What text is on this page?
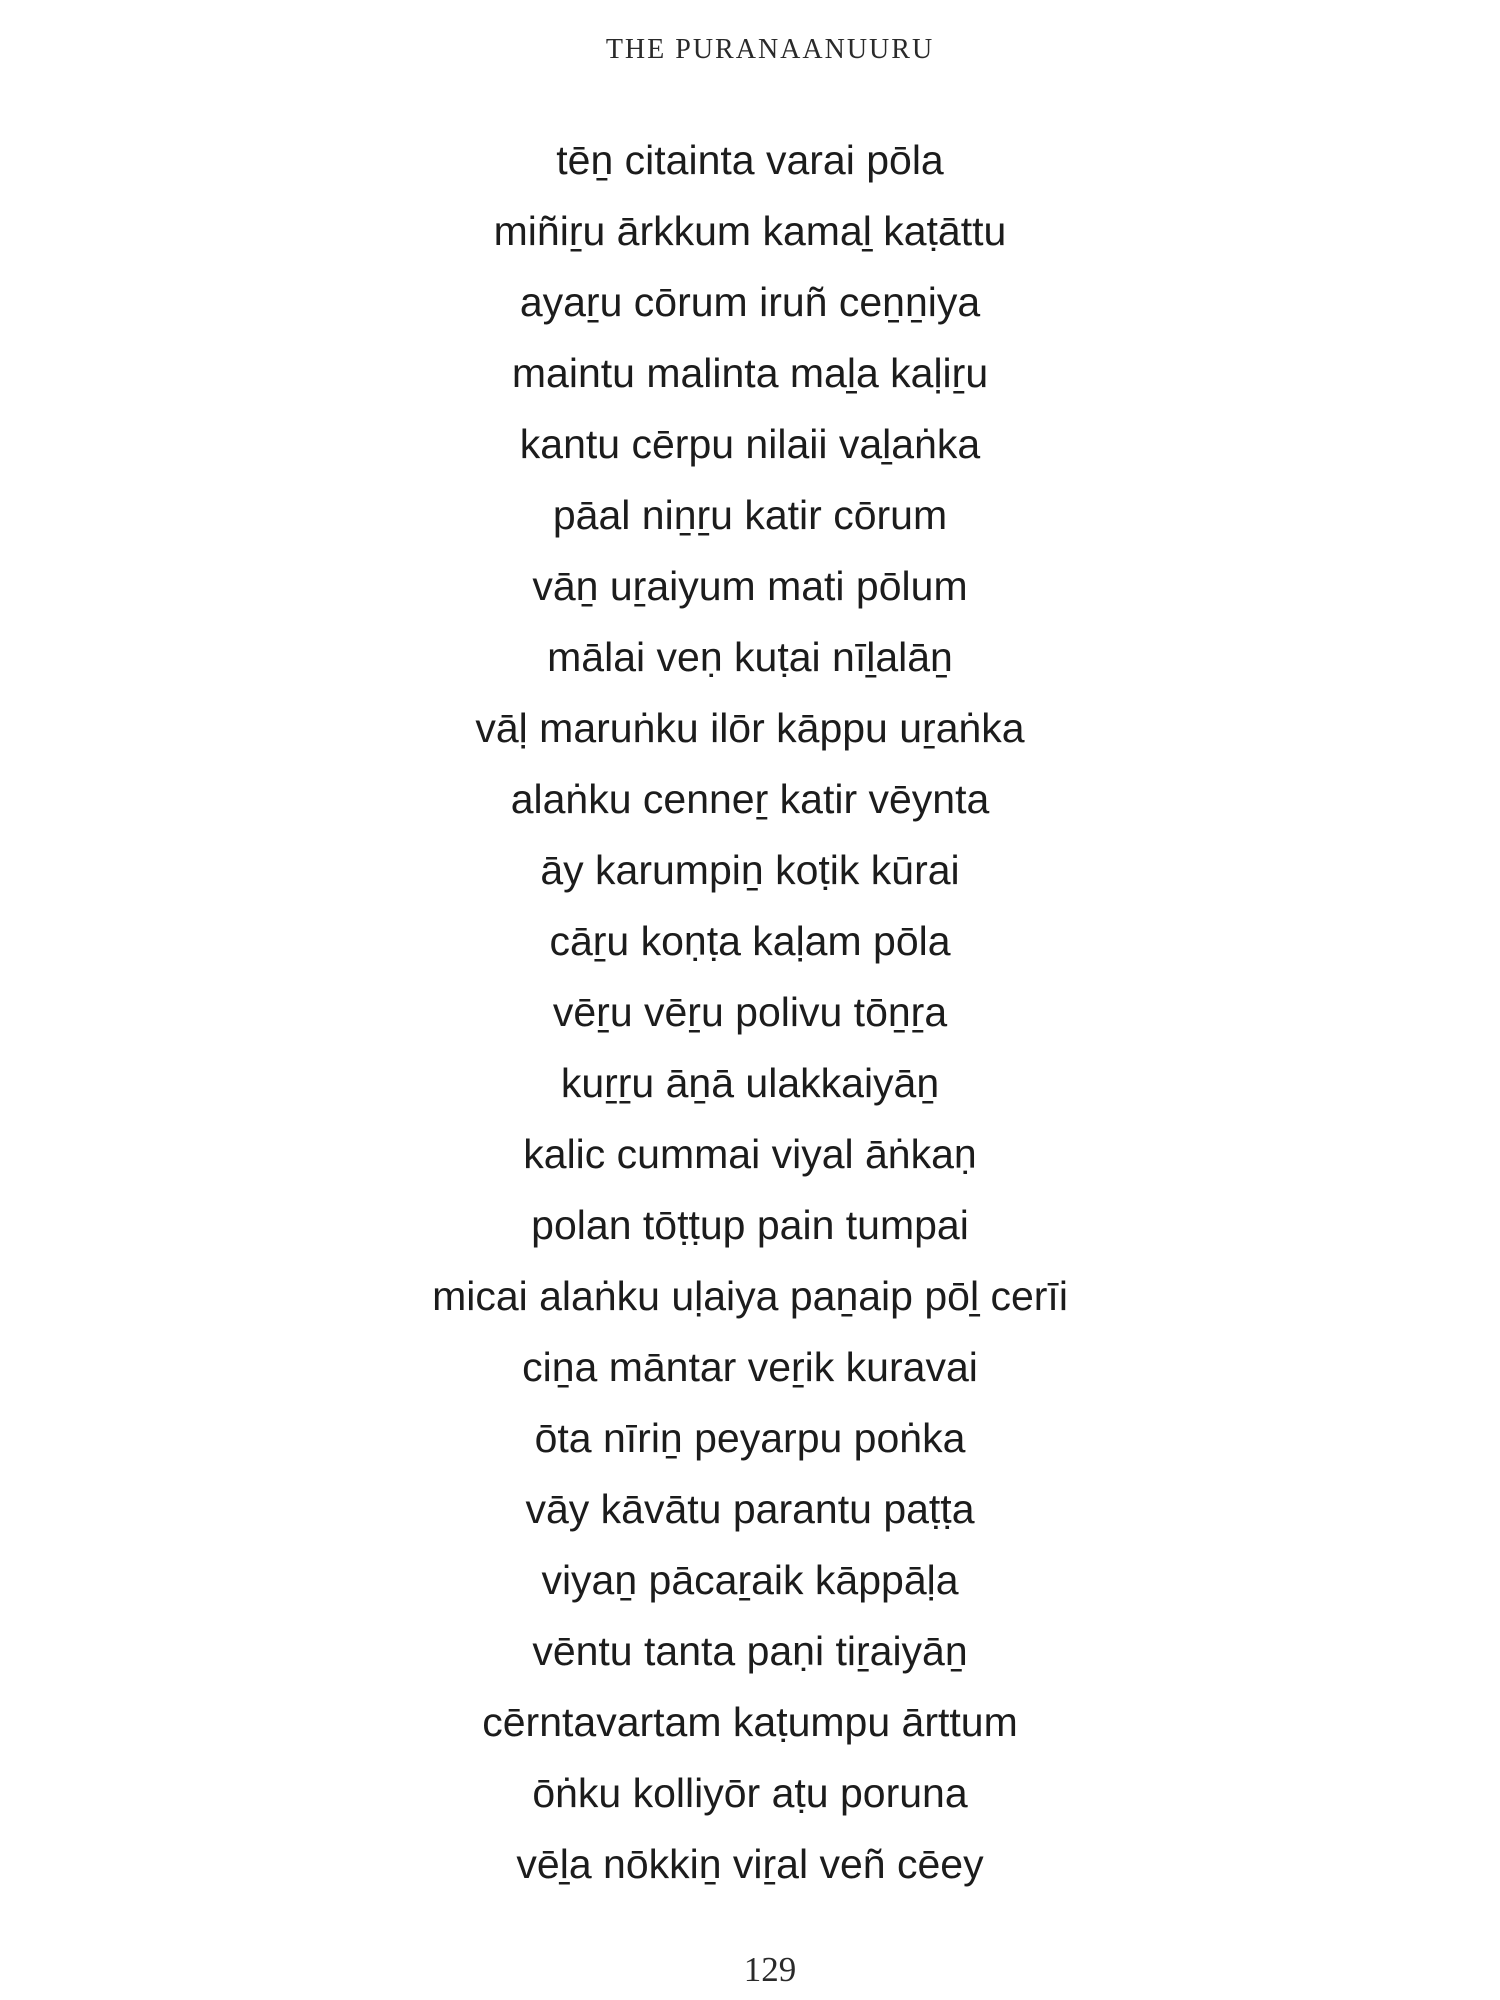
THE PURANAANUURU
tēṉ citainta varai pōla
miñiṟu ārkkum kamaḻ kaṭāttu
ayaṟu cōrum iruñ ceṉṉiya
maintu malinta maḻa kaḷiṟu
kantu cērpu nilaii vaḻaṅka
pāal niṉṟu katir cōrum
vāṉ uṟaiyum mati pōlum
mālai veṇ kuṭai nīḻalāṉ
vāḷ maruṅku ilōr kāppu uṟaṅka
alaṅku cenneṟ katir vēynta
āy karumpiṉ koṭik kūrai
cāṟu koṇṭa kaḷam pōla
vēṟu vēṟu polivu tōṉṟa
kuṟṟu āṉā ulakkaiyāṉ
kalic cummai viyal āṅkaṇ
polan tōṭṭup pain tumpai
micai alaṅku uḷaiya paṉaip pōḻ cerīi
ciṉa māntar veṟik kuravai
ōta nīriṉ peyarpu poṅka
vāy kāvātu parantu paṭṭa
viyaṉ pācaṟaik kāppāḷa
vēntu tanta paṇi tiṟaiyāṉ
cērntavartam kaṭumpu ārttum
ōṅku kolliyōr aṭu poruna
vēḻa nōkkiṉ viṟal veñ cēey
129
